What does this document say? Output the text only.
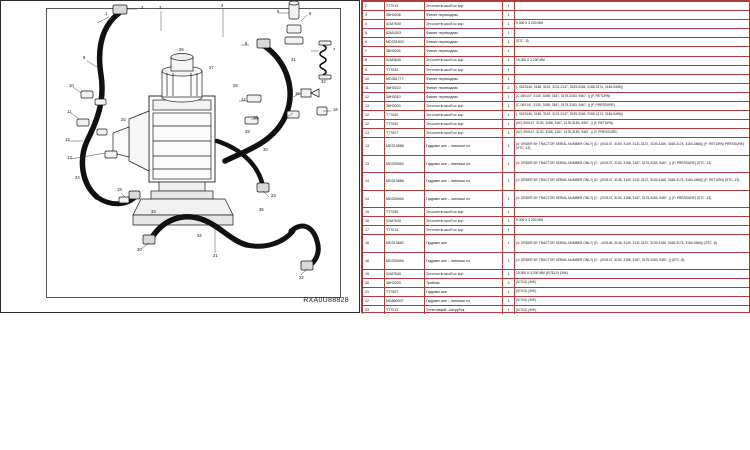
1
2	3	4
5	6
7
8
9
10
11
12
13
14
15
16	17
18
19
20
21
22
23
24
25
26
27
28
29
30
31
32
33
34
35
RXA0U88828
2	T77013	Эл сочетв шсоб кс кор	1	
3	38H3208	Фитинг переходник	1	
4	31M7640	Эл сочетв шсоб кс кор	1	9,300 X 3,200 MM
5	62M1003	Фитинг переходник	1	
6	MD331503	Фитинг переходник	1	(STC -8)
7	38H3204	Фитинг переходник	1	
8	31M3640	Эл сочетв шсоб кс кор	1	19,300 X 3,200 MM
9	T77032	Эл сочетв шсоб кс кор	1	
10	MD381777	Фитинг переходник	1	
11	38H3010	Фитинг переходник	3	(- 0023146, 3148, 3149, 3131-3137, 3139-3166, 3168-3174, 3184-0466))
12	38H3010	Фитинг переходник	1	(C-000147, 3130, 3158, 3167, 3175-3183, 9467- )) (F, RETURN)
13	38H3003	Эл сочетв шсоб кс кор	1	(C-000147, 3130, 3158, 3167, 3175-3183, 9467- )) (F, PRESSURE)
12	T77002	Эл сочетв шсоб кс кор	1	(- 0023146, 3148, 3149, 3131-3137, 3139-3166, 3168-3174, 3184-0466))
12	T77002	Эл сочетв шсоб кс кор	1	(0C) 000147, 3130, 3158, 3167, 3175-3183, 9467- )) (F, RETURN)
13	T77007	Эл сочетв шсоб кс кор	1	(0C) 000147, 3130, 3158, 3167, 3175-3183, 9467- )) (F, PRESSURE)
13	MD313888	Гидравл шнг – нагляше кл.	1	(4: ORDER BY TRACTOR SERIAL NUMBER ONLY) (D : (003147, 3150, 3149, 3131-3137, 3139-3166, 3168-3174, 3184-3466)) (F: RETURN) PRESSURE) (STC -13)
13	MD339945	Гидравл шнг – нагляше кл.	1	(4: ORDER BY TRACTOR SERIAL NUMBER ONLY) (C : (003147, 3130, 3158, 3167, 3175-3183, 9467- )) (F: PRESSURE) (STC -13)
14	MD313888	Гидравл шнг – нагляше кл.	1	(4: ORDER BY TRACTOR SERIAL NUMBER ONLY) (D : (003147, 3148, 3149, 3131-3137, 3139-3166, 3168-3174, 3184-3466)) (F: RETURN) (STC -13)
14	MD339944	Гидравл шнг – нагляше кл.	1	(4: ORDER BY TRACTOR SERIAL NUMBER ONLY) (C : (003147, 3130, 3158, 3167, 3175-3183, 9467- )) (F: PRESSURE) (STC -13)
15	T77005	Эл сочетв шсоб кс кор	1	
16	31M7640	Эл сочетв шсоб кс кор	1	9,300 X 3,200 MM
17	T77014	Эл сочетв шсоб кс кор	1	
18	MD313883	Гидравл шнг	1	(4: ORDER BY TRACTOR SERIAL NUMBER ONLY) (D : -003146, 3148, 3149, 3131-3137, 3139-3166, 3168-3174, 3184-3466)) (STC -8)
18	MD339946	Гидравл шнг – нагляше кл.	1	(4: ORDER BY TRACTOR SERIAL NUMBER ONLY) (C : (003147, 3130, 3158, 3167, 3175-3183, 9467- )) (STC -8)
19	31M7640	Эл сочетв шсоб кс кор	1	19,300 X 3,200 MM (57/33,0) (30K)
20	38H3209	Тройник	2	(57/3,0) (30K)
21	T77007	Гидравл шнг	1	(57/3,0) (30K)
22	MD880007	Гидравл шнг – нагляше кл.	1	(57/3,0) (30K)
23	T77013	Эл вставкой –патрубок	1	(57/3,0) (30K)
